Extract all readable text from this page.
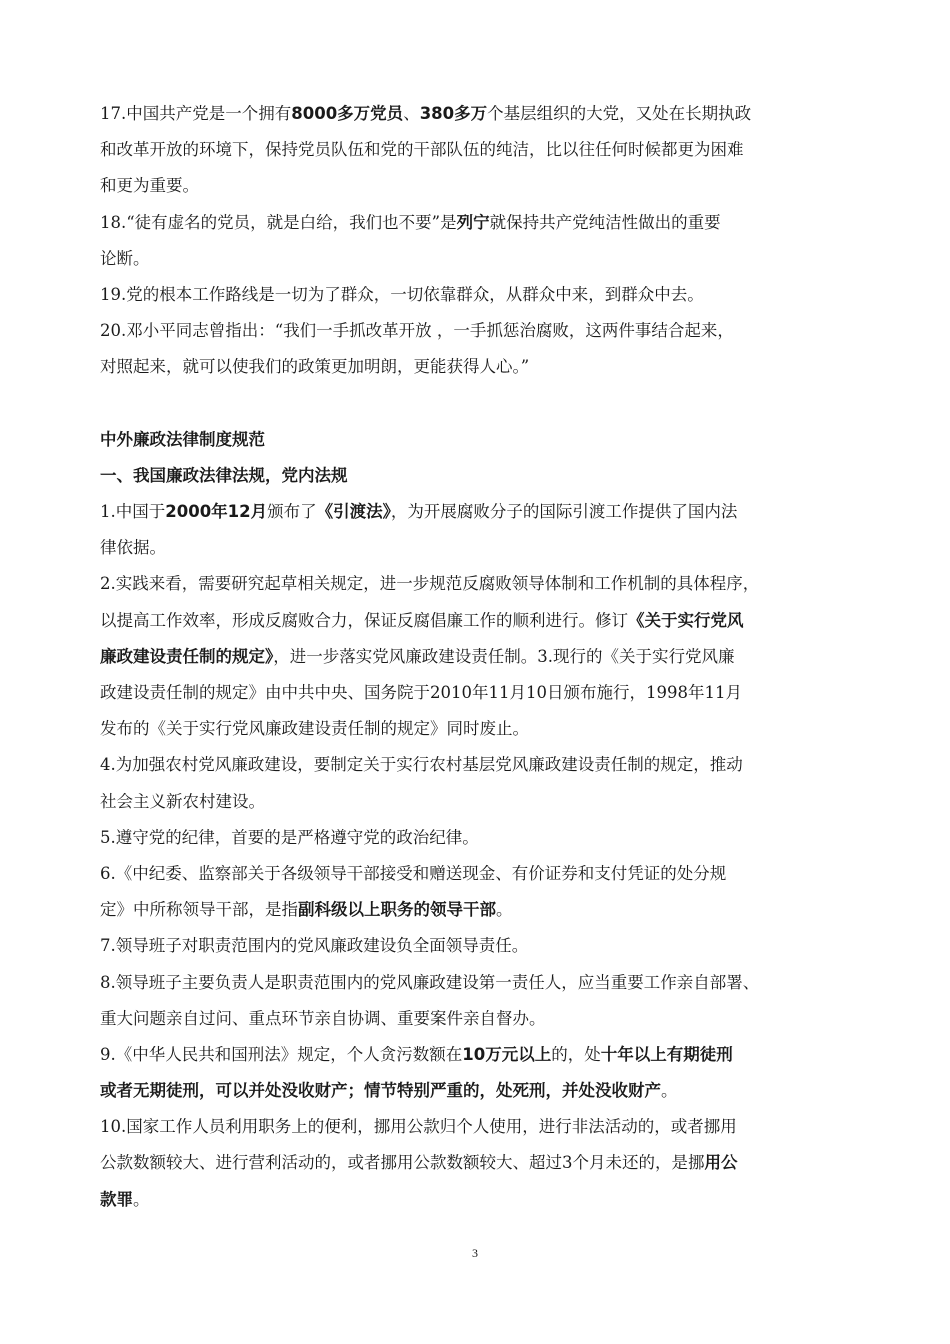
17.中国共产党是一个拥有8000多万党员、380多万个基层组织的大党，又处在长期执政
和改革开放的环境下，保持党员队伍和党的干部队伍的纯洁，比以往任何时候都更为困难
和更为重要。
18.“徒有虚名的党员，就是白给，我们也不要”是列宁就保持共产党纯洁性做出的重要
论断。
19.党的根本工作路线是一切为了群众，一切依靠群众，从群众中来，到群众中去。
20.邓小平同志曾指出：“我们一手抓改革开放 ，一手抓惩治腐败，这两件事结合起来，
对照起来，就可以使我们的政策更加明朗，更能获得人心。”
中外廉政法律制度规范
一、我国廉政法律法规，党内法规
1.中国于2000年12月颁布了《引渡法》，为开展腐败分子的国际引渡工作提供了国内法
律依据。
2.实践来看，需要研究起草相关规定，进一步规范反腐败领导体制和工作机制的具体程序，
以提高工作效率，形成反腐败合力，保证反腐倡廉工作的顺利进行。修订《关于实行党风
廉政建设责任制的规定》，进一步落实党风廉政建设责任制。3.现行的《关于实行党风廉
政建设责任制的规定》由中共中央、国务院于2010年11月10日颁布施行，1998年11月
发布的《关于实行党风廉政建设责任制的规定》同时废止。
4.为加强农村党风廉政建设，要制定关于实行农村基层党风廉政建设责任制的规定，推动
社会主义新农村建设。
5.遵守党的纪律，首要的是严格遵守党的政治纪律。
6.《中纪委、监察部关于各级领导干部接受和赠送现金、有价证券和支付凭证的处分规
定》中所称领导干部，是指副科级以上职务的领导干部。
7.领导班子对职责范围内的党风廉政建设负全面领导责任。
8.领导班子主要负责人是职责范围内的党风廉政建设第一责任人，应当重要工作亲自部署、
重大问题亲自过问、重点环节亲自协调、重要案件亲自督办。
9.《中华人民共和国刑法》规定，个人贪污数额在10万元以上的，处十年以上有期徒刑
或者无期徒刑，可以并处没收财产；情节特别严重的，处死刑，并处没收财产。
10.国家工作人员利用职务上的便利，挪用公款归个人使用，进行非法活动的，或者挪用
公款数额较大、进行营利活动的，或者挪用公款数额较大、超过3个月未还的，是挪用公
款罪。
3
